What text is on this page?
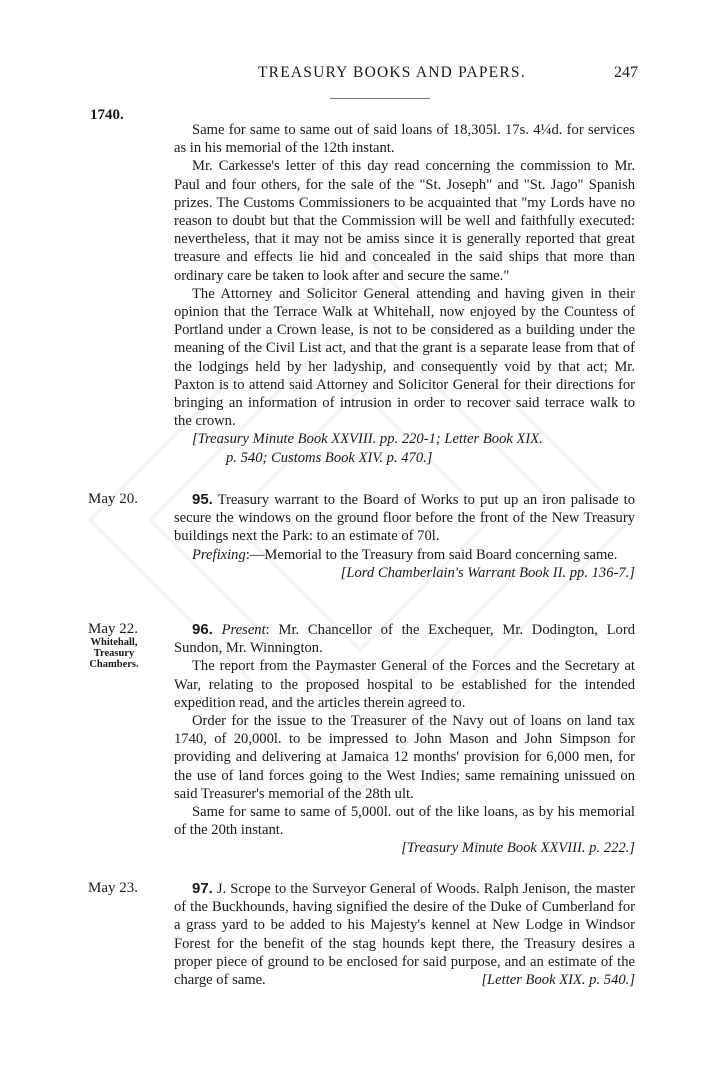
TREASURY BOOKS AND PAPERS.	247
1740.

Same for same to same out of said loans of 18,305l. 17s. 4¼d. for services as in his memorial of the 12th instant.

Mr. Carkesse's letter of this day read concerning the commission to Mr. Paul and four others, for the sale of the "St. Joseph" and "St. Jago" Spanish prizes. The Customs Commissioners to be acquainted that "my Lords have no reason to doubt but that the Commission will be well and faithfully executed: nevertheless, that it may not be amiss since it is generally reported that great treasure and effects lie hid and concealed in the said ships that more than ordinary care be taken to look after and secure the same."

The Attorney and Solicitor General attending and having given in their opinion that the Terrace Walk at Whitehall, now enjoyed by the Countess of Portland under a Crown lease, is not to be considered as a building under the meaning of the Civil List act, and that the grant is a separate lease from that of the lodgings held by her ladyship, and consequently void by that act; Mr. Paxton is to attend said Attorney and Solicitor General for their directions for bringing an information of intrusion in order to recover said terrace walk to the crown.

[Treasury Minute Book XXVIII. pp. 220-1; Letter Book XIX.
p. 540; Customs Book XIV. p. 470.]
May 20.	95. Treasury warrant to the Board of Works to put up an iron palisade to secure the windows on the ground floor before the front of the New Treasury buildings next the Park: to an estimate of 70l.

Prefixing:—Memorial to the Treasury from said Board concerning same.

[Lord Chamberlain's Warrant Book II. pp. 136-7.]
May 22.
Whitehall,
Treasury
Chambers.

96. Present: Mr. Chancellor of the Exchequer, Mr. Dodington, Lord Sundon, Mr. Winnington.

The report from the Paymaster General of the Forces and the Secretary at War, relating to the proposed hospital to be established for the intended expedition read, and the articles therein agreed to.

Order for the issue to the Treasurer of the Navy out of loans on land tax 1740, of 20,000l. to be impressed to John Mason and John Simpson for providing and delivering at Jamaica 12 months' provision for 6,000 men, for the use of land forces going to the West Indies; same remaining unissued on said Treasurer's memorial of the 28th ult.

Same for same to same of 5,000l. out of the like loans, as by his memorial of the 20th instant.

[Treasury Minute Book XXVIII. p. 222.]
May 23.	97. J. Scrope to the Surveyor General of Woods. Ralph Jenison, the master of the Buckhounds, having signified the desire of the Duke of Cumberland for a grass yard to be added to his Majesty's kennel at New Lodge in Windsor Forest for the benefit of the stag hounds kept there, the Treasury desires a proper piece of ground to be enclosed for said purpose, and an estimate of the charge of same.	[Letter Book XIX. p. 540.]
